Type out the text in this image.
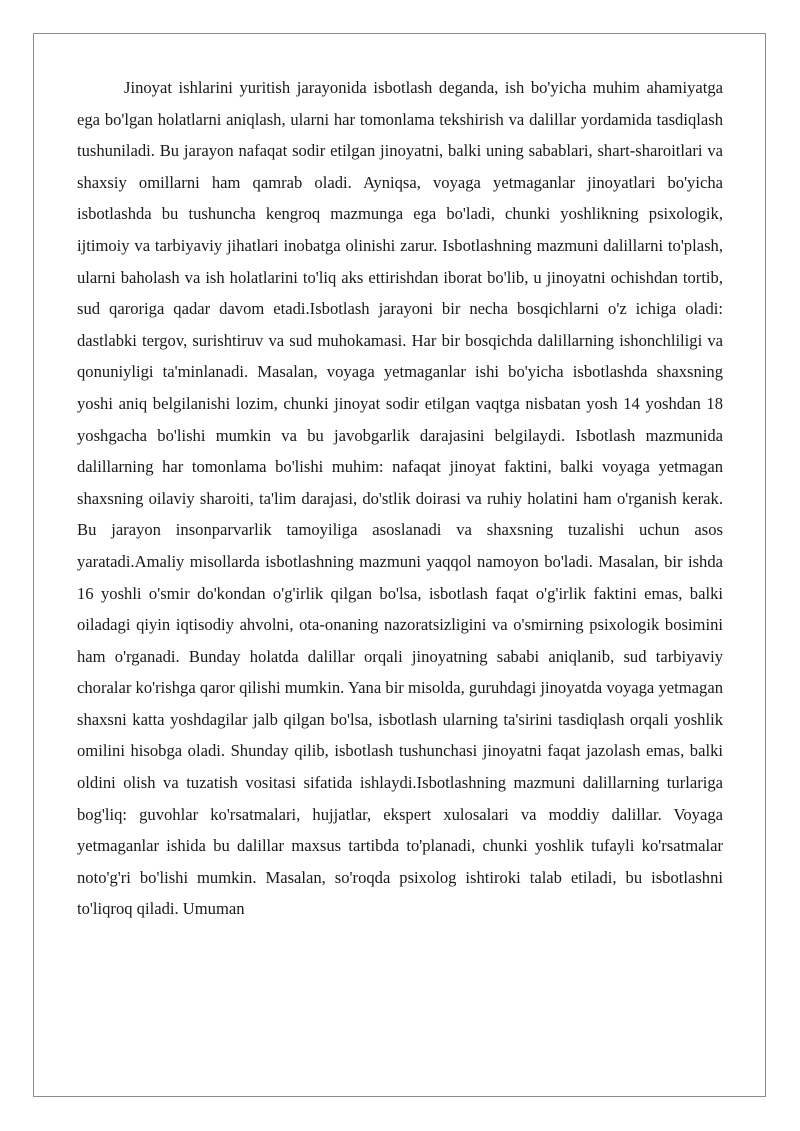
Jinoyat ishlarini yuritish jarayonida isbotlash deganda, ish bo'yicha muhim ahamiyatga ega bo'lgan holatlarni aniqlash, ularni har tomonlama tekshirish va dalillar yordamida tasdiqlash tushuniladi. Bu jarayon nafaqat sodir etilgan jinoyatni, balki uning sabablari, shart-sharoitlari va shaxsiy omillarni ham qamrab oladi. Ayniqsa, voyaga yetmaganlar jinoyatlari bo'yicha isbotlashda bu tushuncha kengroq mazmunga ega bo'ladi, chunki yoshlikning psixologik, ijtimoiy va tarbiyaviy jihatlari inobatga olinishi zarur. Isbotlashning mazmuni dalillarni to'plash, ularni baholash va ish holatlarini to'liq aks ettirishdan iborat bo'lib, u jinoyatni ochishdan tortib, sud qaroriga qadar davom etadi.Isbotlash jarayoni bir necha bosqichlarni o'z ichiga oladi: dastlabki tergov, surishtiruv va sud muhokamasi. Har bir bosqichda dalillarning ishonchliligi va qonuniyligi ta'minlanadi. Masalan, voyaga yetmaganlar ishi bo'yicha isbotlashda shaxsning yoshi aniq belgilanishi lozim, chunki jinoyat sodir etilgan vaqtga nisbatan yosh 14 yoshdan 18 yoshgacha bo'lishi mumkin va bu javobgarlik darajasini belgilaydi. Isbotlash mazmunida dalillarning har tomonlama bo'lishi muhim: nafaqat jinoyat faktini, balki voyaga yetmagan shaxsning oilaviy sharoiti, ta'lim darajasi, do'stlik doirasi va ruhiy holatini ham o'rganish kerak. Bu jarayon insonparvarlik tamoyiliga asoslanadi va shaxsning tuzalishi uchun asos yaratadi.Amaliy misollarda isbotlashning mazmuni yaqqol namoyon bo'ladi. Masalan, bir ishda 16 yoshli o'smir do'kondan o'g'irlik qilgan bo'lsa, isbotlash faqat o'g'irlik faktini emas, balki oiladagi qiyin iqtisodiy ahvolni, ota-onaning nazoratsizligini va o'smirning psixologik bosimini ham o'rganadi. Bunday holatda dalillar orqali jinoyatning sababi aniqlanib, sud tarbiyaviy choralar ko'rishga qaror qilishi mumkin. Yana bir misolda, guruhdagi jinoyatda voyaga yetmagan shaxsni katta yoshdagilar jalb qilgan bo'lsa, isbotlash ularning ta'sirini tasdiqlash orqali yoshlik omilini hisobga oladi. Shunday qilib, isbotlash tushunchasi jinoyatni faqat jazolash emas, balki oldini olish va tuzatish vositasi sifatida ishlaydi.Isbotlashning mazmuni dalillarning turlariga bog'liq: guvohlar ko'rsatmalari, hujjatlar, ekspert xulosalari va moddiy dalillar. Voyaga yetmaganlar ishida bu dalillar maxsus tartibda to'planadi, chunki yoshlik tufayli ko'rsatmalar noto'g'ri bo'lishi mumkin. Masalan, so'roqda psixolog ishtiroki talab etiladi, bu isbotlashni to'liqroq qiladi. Umuman
